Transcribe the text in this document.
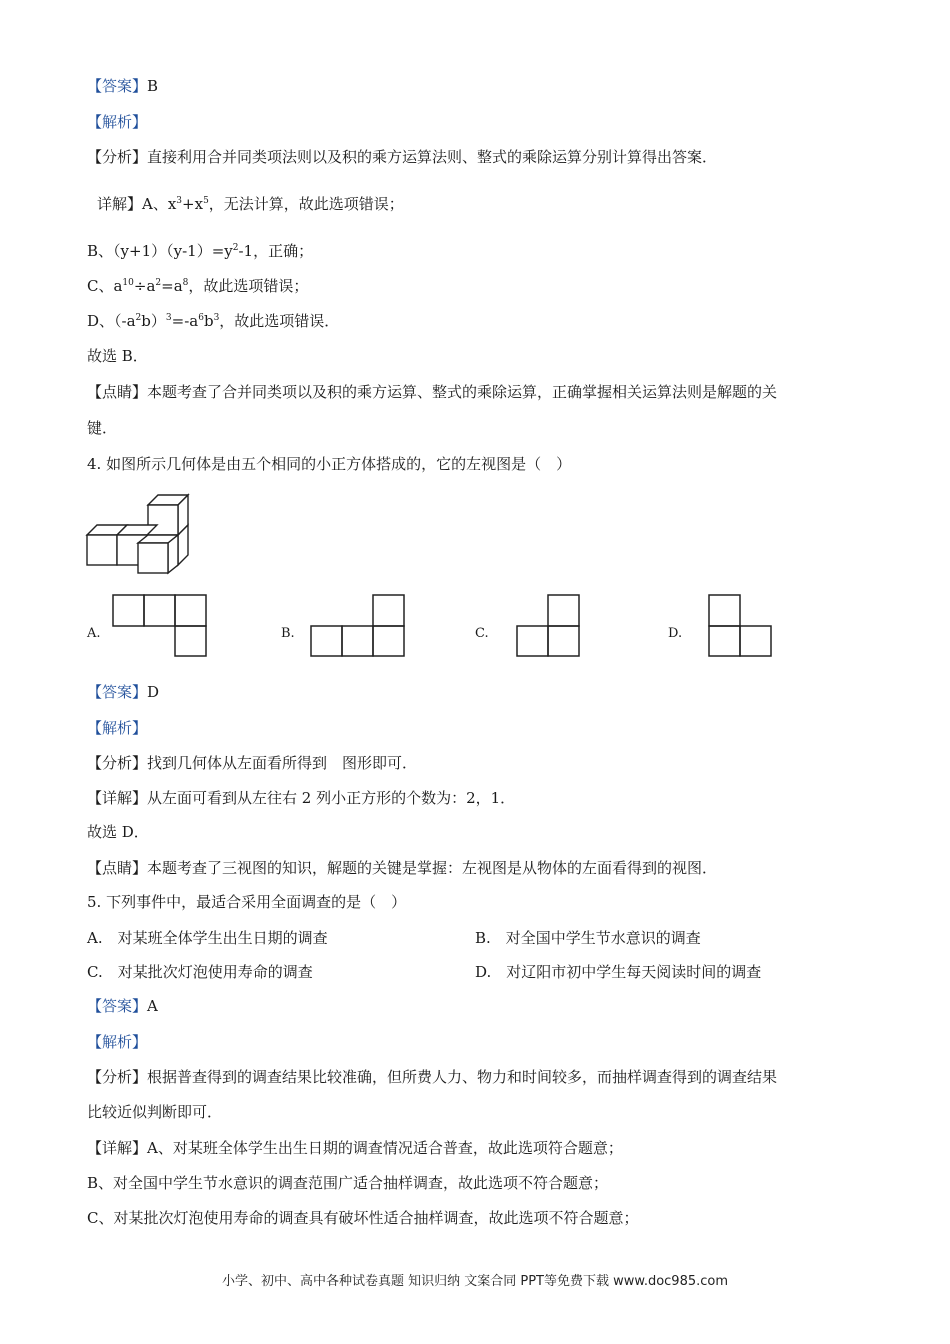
【答案】B
【解析】
【分析】直接利用合并同类项法则以及积的乘方运算法则、整式的乘除运算分别计算得出答案．
详解】A、$x^3+x^5$，无法计算，故此选项错误；
B、$(y+1)(y-1)=y^2-1$，正确；
C、$a^{10}\div a^2=a^8$，故此选项错误；
D、$(-a^2b)^3=-a^6b^3$，故此选项错误．
故选 B．
【点睛】本题考查了合并同类项以及积的乘方运算、整式的乘除运算，正确掌握相关运算法则是解题的关
键．
4. 如图所示几何体是由五个相同的小正方体搭成的，它的左视图是（　）
A.	B.	C.	D.
【答案】D
【解析】
【分析】找到几何体从左面看所得到　图形即可．
【详解】从左面可看到从左往右 2 列小正方形的个数为：2，1．
故选 D．
【点睛】本题考查了三视图的知识，解题的关键是掌握：左视图是从物体的左面看得到的视图．
5. 下列事件中，最适合采用全面调查的是（　）
A.　对某班全体学生出生日期的调查	B.　对全国中学生节水意识的调查
C.　对某批次灯泡使用寿命的调查	D.　对辽阳市初中学生每天阅读时间的调查
【答案】A
【解析】
【分析】根据普查得到的调查结果比较准确，但所费人力、物力和时间较多，而抽样调查得到的调查结果
比较近似判断即可．
【详解】A、对某班全体学生出生日期的调查情况适合普查，故此选项符合题意；
B、对全国中学生节水意识的调查范围广适合抽样调查，故此选项不符合题意；
C、对某批次灯泡使用寿命的调查具有破坏性适合抽样调查，故此选项不符合题意；
小学、初中、高中各种试卷真题 知识归纳 文案合同 PPT等免费下载 www.doc985.com
